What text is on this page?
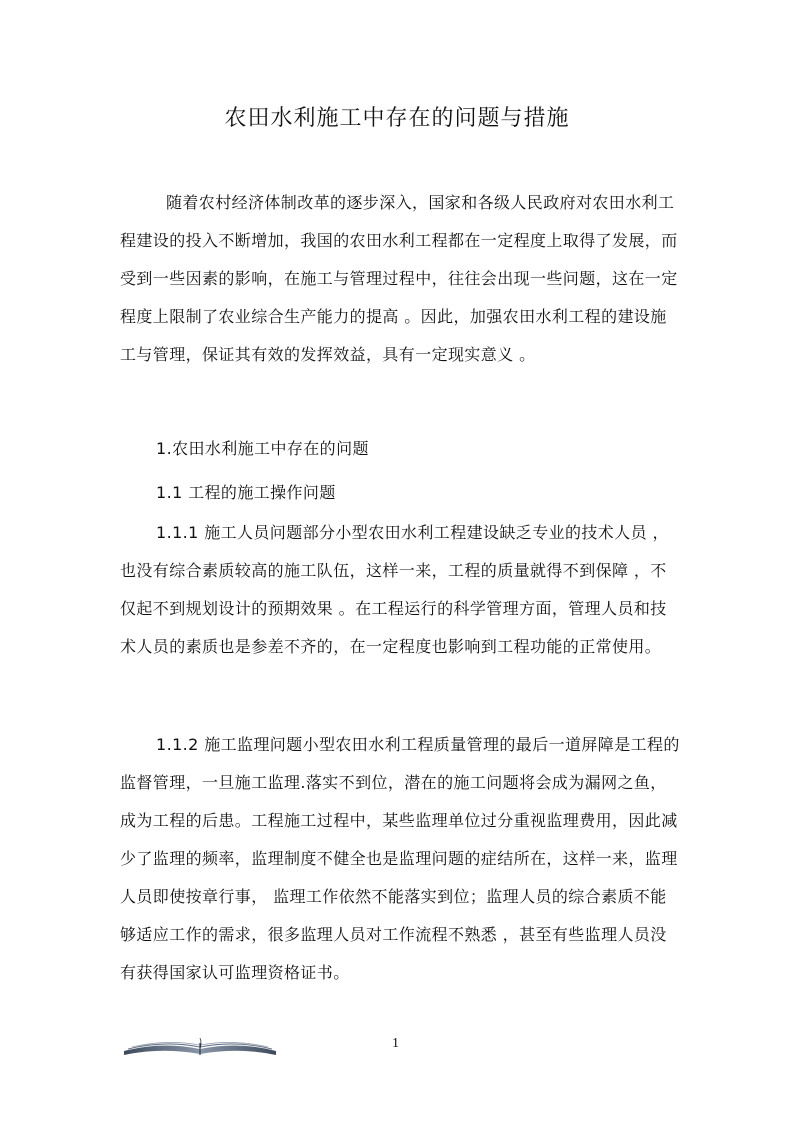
农田水利施工中存在的问题与措施

随着农村经济体制改革的逐步深入，国家和各级人民政府对农田水利工程建设的投入不断增加，我国的农田水利工程都在一定程度上取得了发展，而受到一些因素的影响，在施工与管理过程中，往往会出现一些问题，这在一定程度上限制了农业综合生产能力的提高 。因此，加强农田水利工程的建设施工与管理，保证其有效的发挥效益，具有一定现实意义 。

1.农田水利施工中存在的问题

1.1 工程的施工操作问题

1.1.1 施工人员问题部分小型农田水利工程建设缺乏专业的技术人员 ，也没有综合素质较高的施工队伍，这样一来，工程的质量就得不到保障 ，不仅起不到规划设计的预期效果 。在工程运行的科学管理方面，管理人员和技术人员的素质也是参差不齐的，在一定程度也影响到工程功能的正常使用。

1.1.2 施工监理问题小型农田水利工程质量管理的最后一道屏障是工程的监督管理，一旦施工监理.落实不到位，潜在的施工问题将会成为漏网之鱼，成为工程的后患。工程施工过程中，某些监理单位过分重视监理费用，因此减少了监理的频率，监理制度不健全也是监理问题的症结所在，这样一来，监理人员即使按章行事， 监理工作依然不能落实到位；监理人员的综合素质不能够适应工作的需求，很多监理人员对工作流程不熟悉 ，甚至有些监理人员没有获得国家认可监理资格证书。

1
